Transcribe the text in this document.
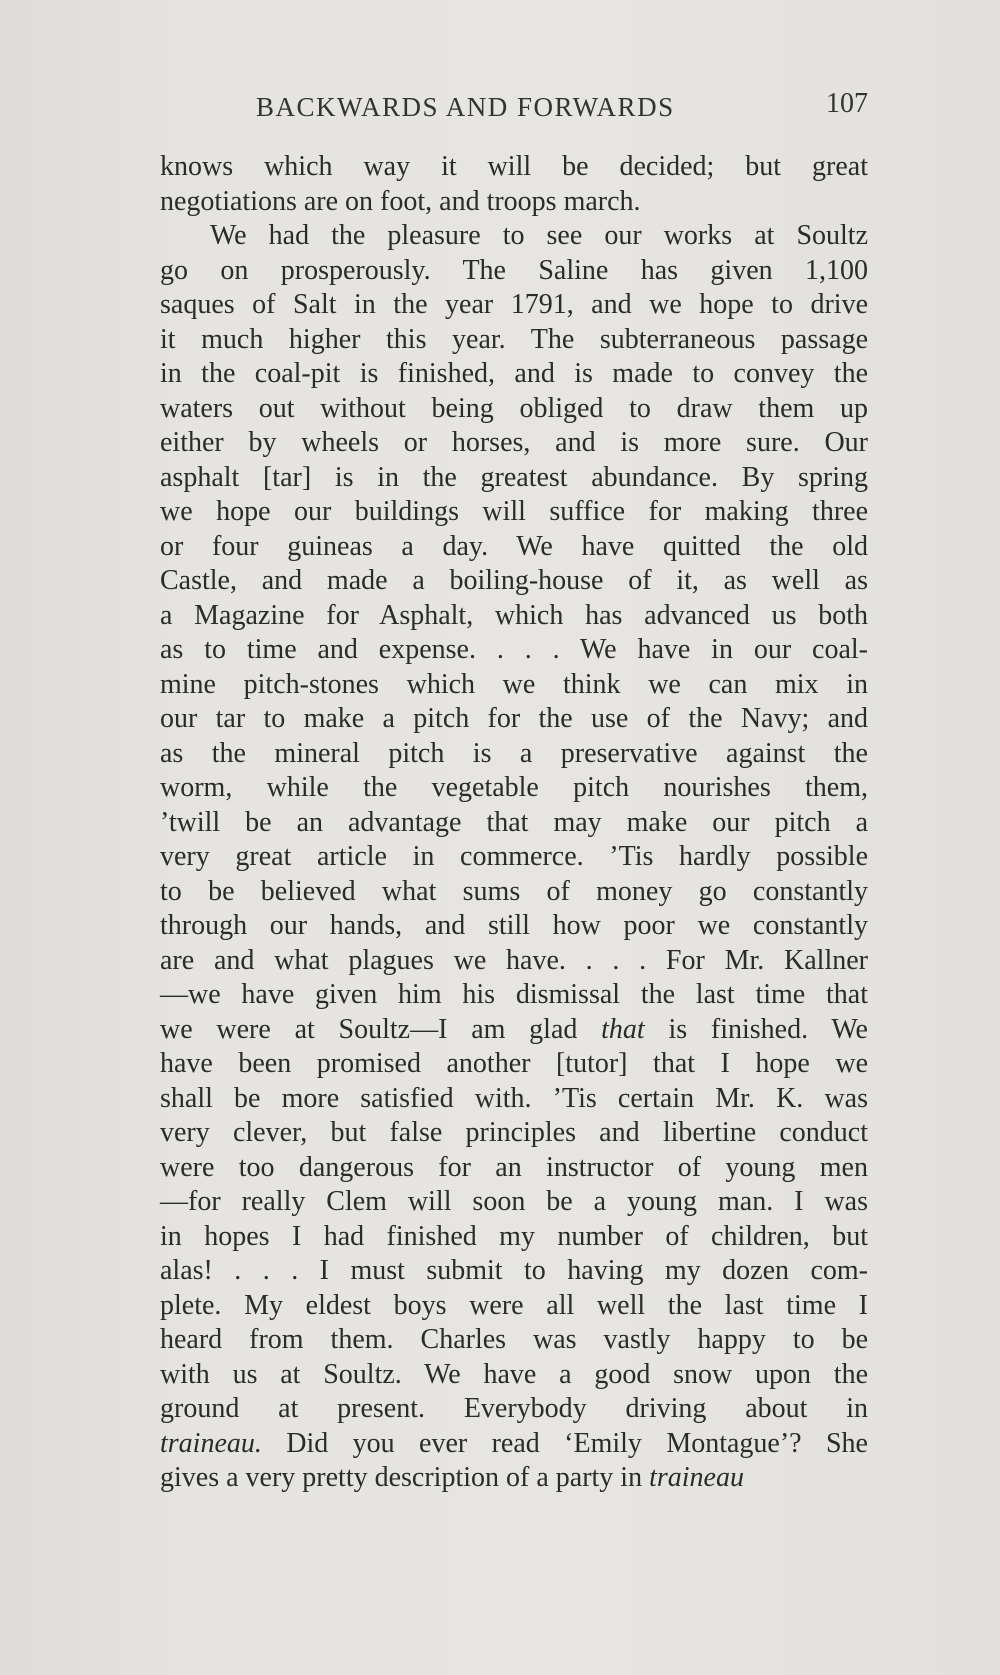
BACKWARDS AND FORWARDS	107
knows which way it will be decided; but great
negotiations are on foot, and troops march.
We had the pleasure to see our works at Soultz
go on prosperously. The Saline has given 1,100
saques of Salt in the year 1791, and we hope to drive
it much higher this year. The subterraneous passage
in the coal-pit is finished, and is made to convey the
waters out without being obliged to draw them up
either by wheels or horses, and is more sure. Our
asphalt [tar] is in the greatest abundance. By spring
we hope our buildings will suffice for making three
or four guineas a day. We have quitted the old
Castle, and made a boiling-house of it, as well as
a Magazine for Asphalt, which has advanced us both
as to time and expense. . . . We have in our coal-
mine pitch-stones which we think we can mix in
our tar to make a pitch for the use of the Navy; and
as the mineral pitch is a preservative against the
worm, while the vegetable pitch nourishes them,
’twill be an advantage that may make our pitch a
very great article in commerce. ’Tis hardly possible
to be believed what sums of money go constantly
through our hands, and still how poor we constantly
are and what plagues we have. . . . For Mr. Kallner
—we have given him his dismissal the last time that
we were at Soultz—I am glad that is finished. We
have been promised another [tutor] that I hope we
shall be more satisfied with. ’Tis certain Mr. K. was
very clever, but false principles and libertine conduct
were too dangerous for an instructor of young men
—for really Clem will soon be a young man. I was
in hopes I had finished my number of children, but
alas! . . . I must submit to having my dozen com-
plete. My eldest boys were all well the last time I
heard from them. Charles was vastly happy to be
with us at Soultz. We have a good snow upon the
ground at present. Everybody driving about in
traineau. Did you ever read ‘Emily Montague’? She
gives a very pretty description of a party in traineau
